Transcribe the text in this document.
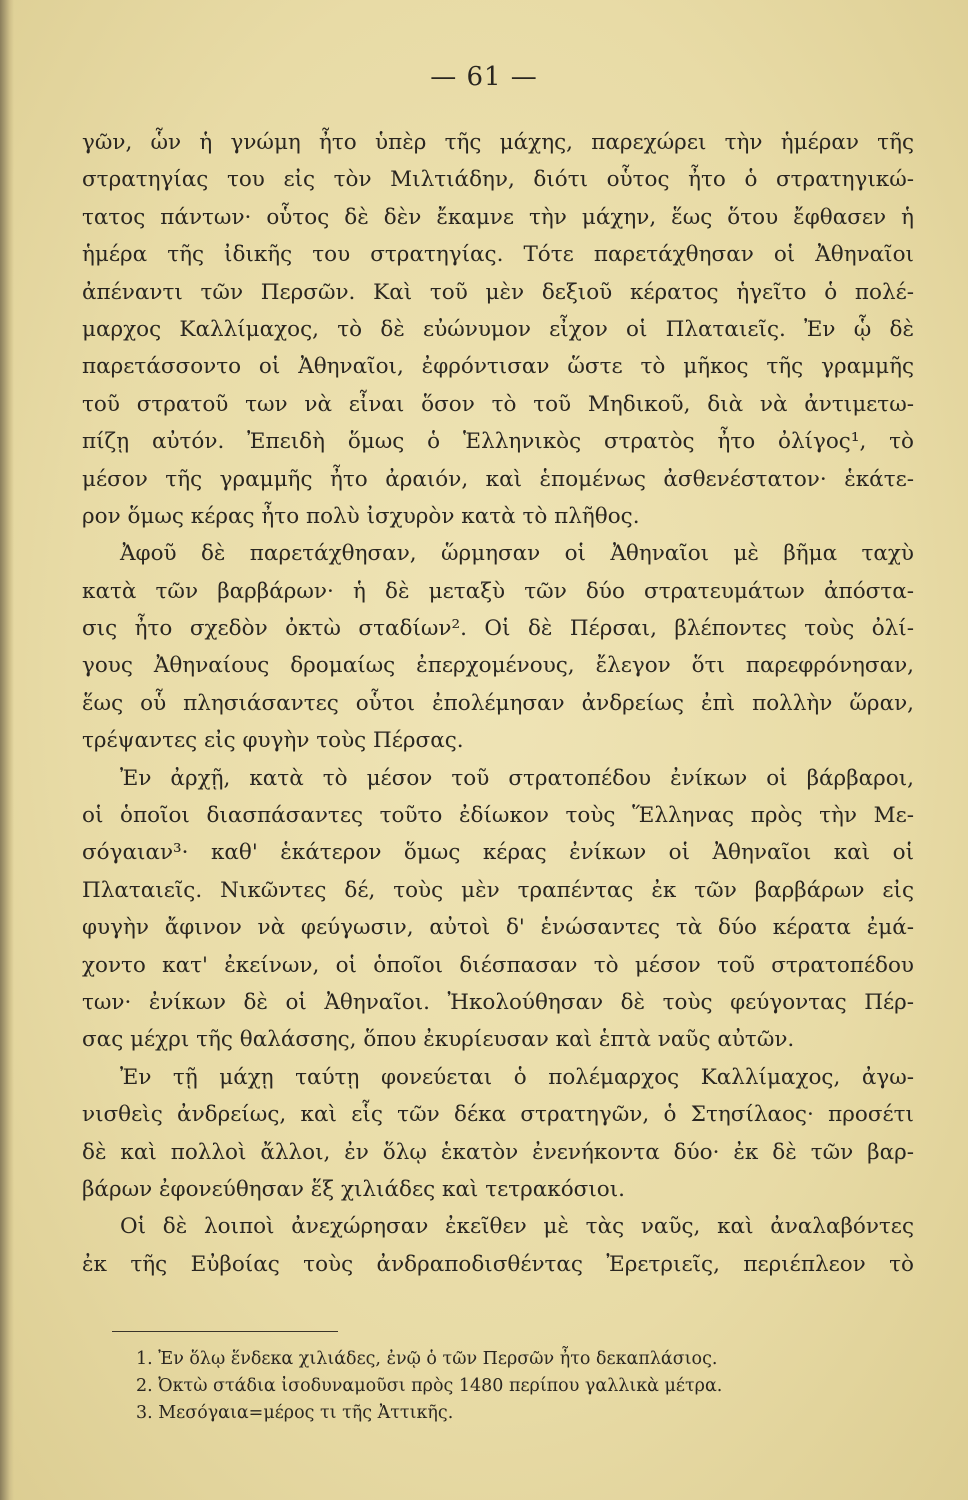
— 61 —
γῶν, ὧν ἡ γνώμη ἦτο ὑπὲρ τῆς μάχης, παρεχώρει τὴν ἡμέραν τῆς
στρατηγίας του εἰς τὸν Μιλτιάδην, διότι οὗτος ἦτο ὁ στρατηγικώ-
τατος πάντων· οὗτος δὲ δὲν ἔκαμνε τὴν μάχην, ἕως ὅτου ἔφθασεν ἡ
ἡμέρα τῆς ἰδικῆς του στρατηγίας. Τότε παρετάχθησαν οἱ Ἀθηναῖοι
ἀπέναντι τῶν Περσῶν. Καὶ τοῦ μὲν δεξιοῦ κέρατος ἡγεῖτο ὁ πολέ-
μαρχος Καλλίμαχος, τὸ δὲ εὐώνυμον εἶχον οἱ Πλαταιεῖς. Ἐν ᾧ δὲ
παρετάσσοντο οἱ Ἀθηναῖοι, ἐφρόντισαν ὥστε τὸ μῆκος τῆς γραμμῆς
τοῦ στρατοῦ των νὰ εἶναι ὅσον τὸ τοῦ Μηδικοῦ, διὰ νὰ ἀντιμετω-
πίζῃ αὐτόν. Ἐπειδὴ ὅμως ὁ Ἑλληνικὸς στρατὸς ἦτο ὀλίγος¹, τὸ
μέσον τῆς γραμμῆς ἦτο ἀραιόν, καὶ ἑπομένως ἀσθενέστατον· ἑκάτε-
ρον ὅμως κέρας ἦτο πολὺ ἰσχυρὸν κατὰ τὸ πλῆθος.
Ἀφοῦ δὲ παρετάχθησαν, ὥρμησαν οἱ Ἀθηναῖοι μὲ βῆμα ταχὺ
κατὰ τῶν βαρβάρων· ἡ δὲ μεταξὺ τῶν δύο στρατευμάτων ἀπόστα-
σις ἦτο σχεδὸν ὀκτὼ σταδίων². Οἱ δὲ Πέρσαι, βλέποντες τοὺς ὀλί-
γους Ἀθηναίους δρομαίως ἐπερχομένους, ἔλεγον ὅτι παρεφρόνησαν,
ἕως οὗ πλησιάσαντες οὗτοι ἐπολέμησαν ἀνδρείως ἐπὶ πολλὴν ὥραν,
τρέψαντες εἰς φυγὴν τοὺς Πέρσας.
Ἐν ἀρχῇ, κατὰ τὸ μέσον τοῦ στρατοπέδου ἐνίκων οἱ βάρβαροι,
οἱ ὁποῖοι διασπάσαντες τοῦτο ἐδίωκον τοὺς Ἕλληνας πρὸς τὴν Με-
σόγαιαν³· καθ' ἑκάτερον ὅμως κέρας ἐνίκων οἱ Ἀθηναῖοι καὶ οἱ
Πλαταιεῖς. Νικῶντες δέ, τοὺς μὲν τραπέντας ἐκ τῶν βαρβάρων εἰς
φυγὴν ἄφινον νὰ φεύγωσιν, αὐτοὶ δ' ἑνώσαντες τὰ δύο κέρατα ἐμά-
χοντο κατ' ἐκείνων, οἱ ὁποῖοι διέσπασαν τὸ μέσον τοῦ στρατοπέδου
των· ἐνίκων δὲ οἱ Ἀθηναῖοι. Ἠκολούθησαν δὲ τοὺς φεύγοντας Πέρ-
σας μέχρι τῆς θαλάσσης, ὅπου ἐκυρίευσαν καὶ ἑπτὰ ναῦς αὐτῶν.
Ἐν τῇ μάχῃ ταύτῃ φονεύεται ὁ πολέμαρχος Καλλίμαχος, ἀγω-
νισθεὶς ἀνδρείως, καὶ εἷς τῶν δέκα στρατηγῶν, ὁ Στησίλαος· προσέτι
δὲ καὶ πολλοὶ ἄλλοι, ἐν ὅλῳ ἑκατὸν ἐνενήκοντα δύο· ἐκ δὲ τῶν βαρ-
βάρων ἐφονεύθησαν ἕξ χιλιάδες καὶ τετρακόσιοι.
Οἱ δὲ λοιποὶ ἀνεχώρησαν ἐκεῖθεν μὲ τὰς ναῦς, καὶ ἀναλαβόντες
ἐκ τῆς Εὐβοίας τοὺς ἀνδραποδισθέντας Ἐρετριεῖς, περιέπλεον τὸ
1. Ἐν ὅλῳ ἕνδεκα χιλιάδες, ἐνῷ ὁ τῶν Περσῶν ἦτο δεκαπλάσιος.
2. Ὀκτὼ στάδια ἰσοδυναμοῦσι πρὸς 1480 περίπου γαλλικὰ μέτρα.
3. Μεσόγαια=μέρος τι τῆς Ἀττικῆς.
